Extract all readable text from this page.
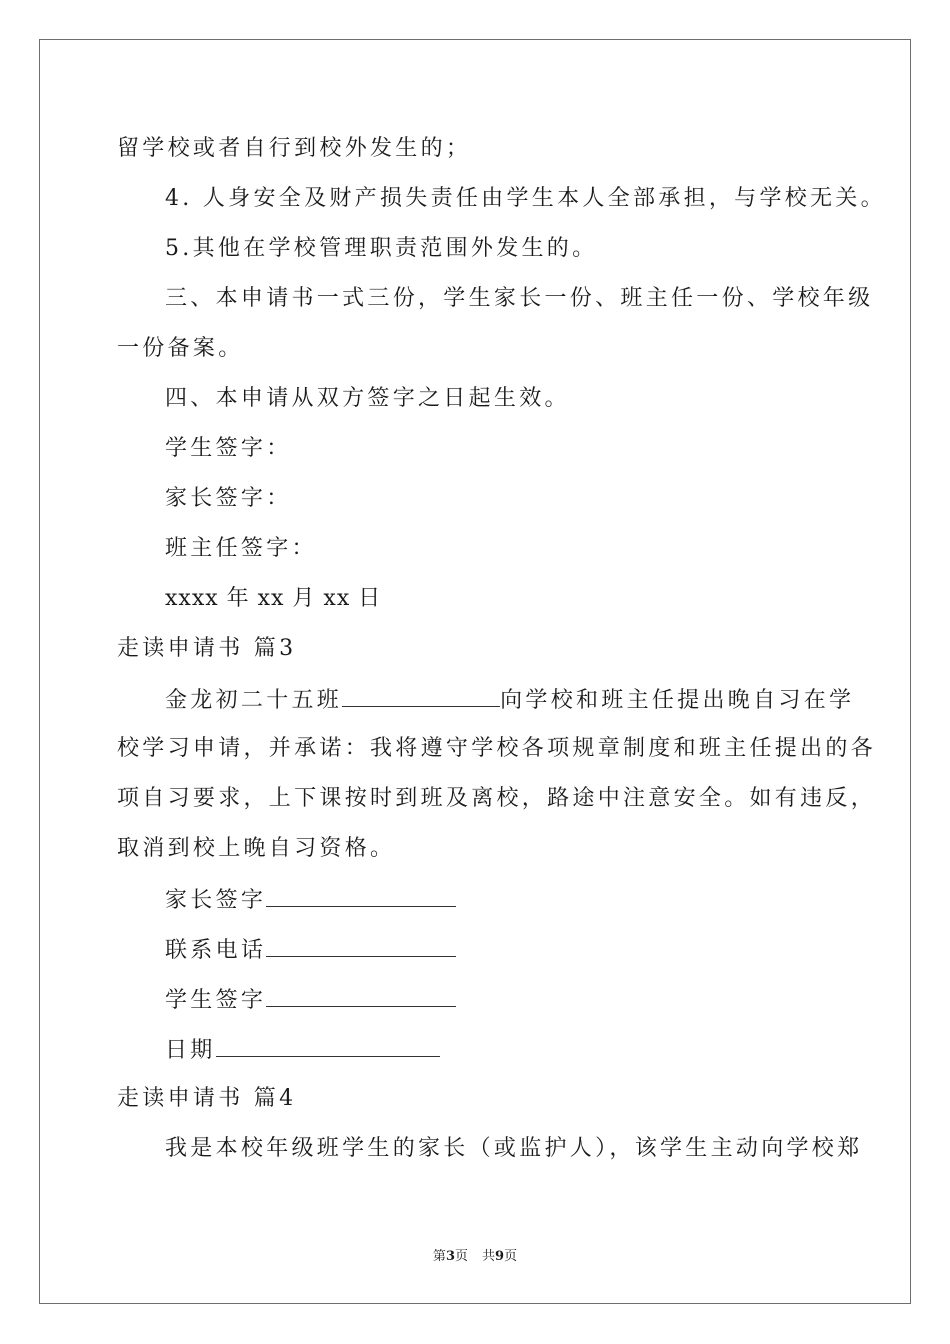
留学校或者自行到校外发生的；
4. 人身安全及财产损失责任由学生本人全部承担，与学校无关。
5.其他在学校管理职责范围外发生的。
三、本申请书一式三份，学生家长一份、班主任一份、学校年级
一份备案。
四、本申请从双方签字之日起生效。
学生签字：
家长签字：
班主任签字：
xxxx 年 xx 月 xx 日
走读申请书 篇3
金龙初二十五班	向学校和班主任提出晚自习在学
校学习申请，并承诺：我将遵守学校各项规章制度和班主任提出的各
项自习要求，上下课按时到班及离校，路途中注意安全。如有违反，
取消到校上晚自习资格。
家长签字
联系电话
学生签字
日期
走读申请书 篇4
我是本校年级班学生的家长（或监护人），该学生主动向学校郑
第3页 共9页
